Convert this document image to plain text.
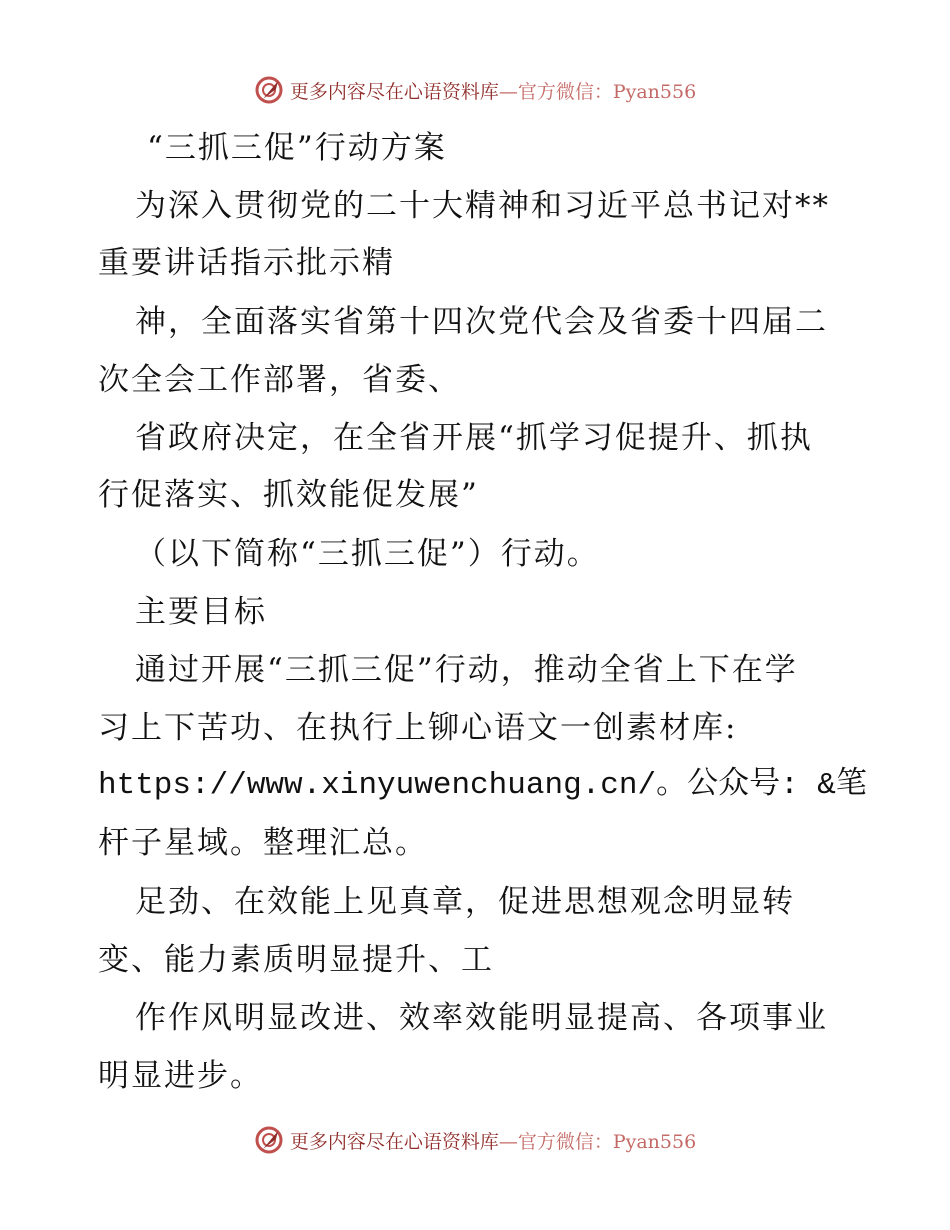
更多内容尽在心语资料库—官方微信：Pyan556
“三抓三促”行动方案
为深入贯彻党的二十大精神和习近平总书记对**
重要讲话指示批示精
神，全面落实省第十四次党代会及省委十四届二
次全会工作部署，省委、
省政府决定，在全省开展“抓学习促提升、抓执
行促落实、抓效能促发展”
（以下简称“三抓三促”）行动。
主要目标
通过开展“三抓三促”行动，推动全省上下在学
习上下苦功、在执行上铆心语文一创素材库:
https://www.xinyuwenchuang.cn/。公众号: &笔
杆子星域。整理汇总。
足劲、在效能上见真章，促进思想观念明显转
变、能力素质明显提升、工
作作风明显改进、效率效能明显提高、各项事业
明显进步。
更多内容尽在心语资料库—官方微信：Pyan556
